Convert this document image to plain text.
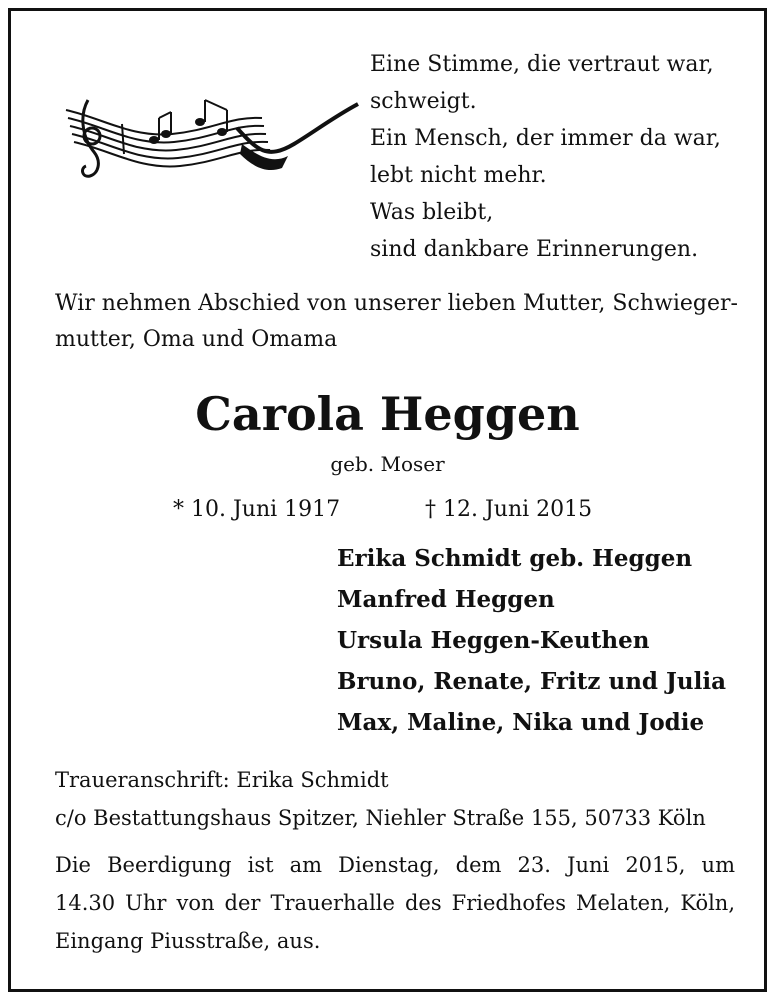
Eine Stimme, die vertraut war,
schweigt.
Ein Mensch, der immer da war,
lebt nicht mehr.
Was bleibt,
sind dankbare Erinnerungen.
Wir nehmen Abschied von unserer lieben Mutter, Schwieger-
mutter, Oma und Omama
Carola Heggen
geb. Moser
* 10. Juni 1917	† 12. Juni 2015
Erika Schmidt geb. Heggen
Manfred Heggen
Ursula Heggen-Keuthen
Bruno, Renate, Fritz und Julia
Max, Maline, Nika und Jodie
Traueranschrift: Erika Schmidt
c/o Bestattungshaus Spitzer, Niehler Straße 155, 50733 Köln
Die Beerdigung ist am Dienstag, dem 23. Juni 2015, um
14.30 Uhr von der Trauerhalle des Friedhofes Melaten, Köln,
Eingang Piusstraße, aus.
